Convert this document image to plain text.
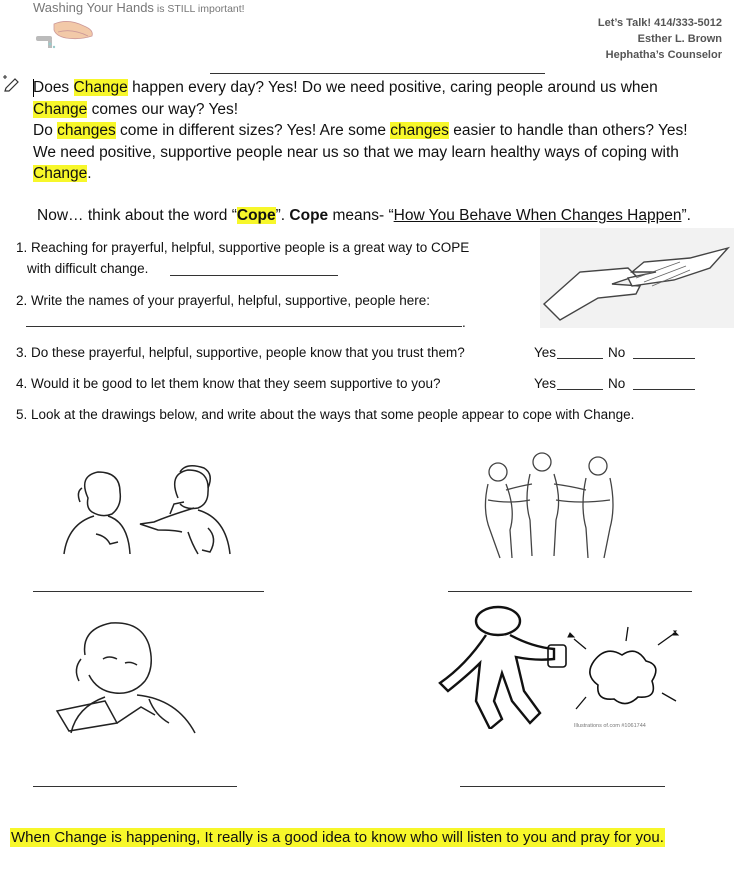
Washing Your Hands is STILL important!
Let’s Talk! 414/333-5012
Esther L. Brown
Hephatha’s Counselor
Does Change happen every day? Yes! Do we need positive, caring people around us when
Change comes our way? Yes!
Do changes come in different sizes? Yes! Are some changes easier to handle than others? Yes!
We need positive, supportive people near us so that we may learn healthy ways of coping with
Change.
Now… think about the word “Cope”. Cope means- “How You Behave When Changes Happen”.
1. Reaching for prayerful, helpful, supportive people is a great way to COPE
with difficult change.
2. Write the names of your prayerful, helpful, supportive, people here:
.
3. Do these prayerful, helpful, supportive, people know that you trust them?	Yes	No
4. Would it be good to let them know that they seem supportive to you?	Yes	No
5. Look at the drawings below, and write about the ways that some people appear to cope with Change.
Illustrations of.com #1061744
When Change is happening, It really is a good idea to know who will listen to you and pray for you.
